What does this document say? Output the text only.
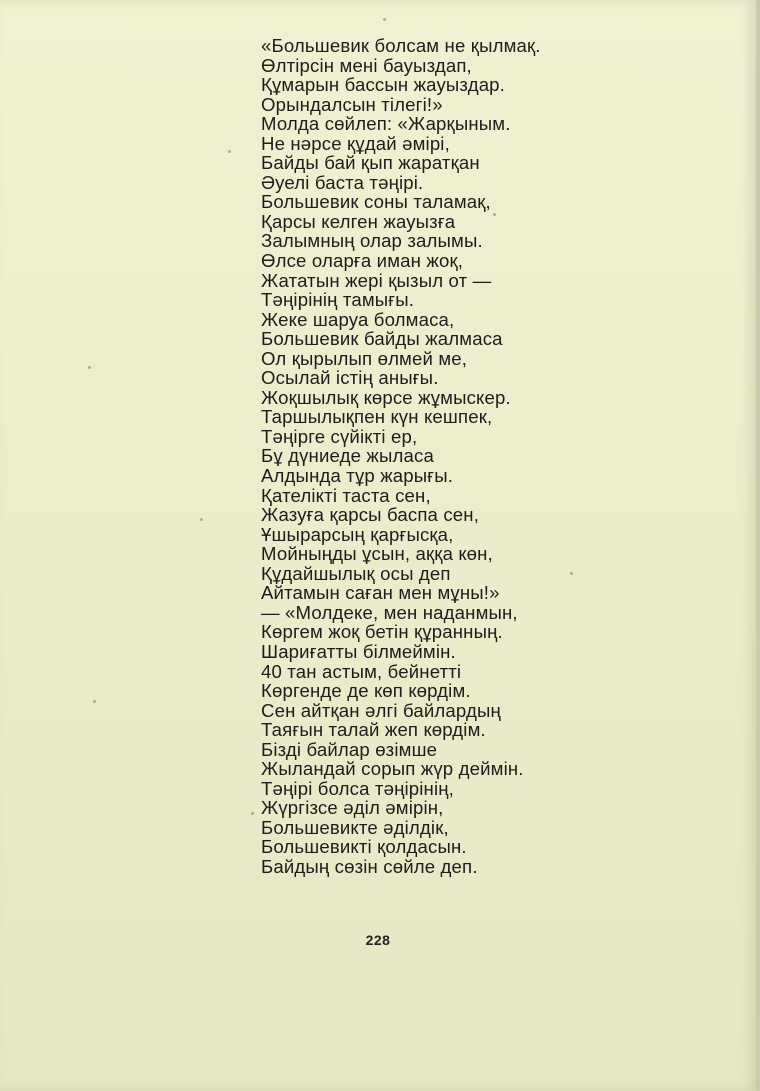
«Большевик болсам не қылмақ.
Өлтірсін мені бауыздап,
Құмарын бассын жауыздар.
Орындалсын тілегі!»
Молда сөйлеп: «Жарқыным.
Не нәрсе құдай әмірі,
Байды бай қып жаратқан
Әуелі баста тәңірі.
Большевик соны таламақ,
Қарсы келген жауызға
Залымның олар залымы.
Өлсе оларға иман жоқ,
Жататын жері қызыл от —
Тәңірінің тамығы.
Жеке шаруа болмаса,
Большевик байды жалмаса
Ол қырылып өлмей ме,
Осылай істің анығы.
Жоқшылық көрсе жұмыскер.
Таршылықпен күн кешпек,
Тәңірге сүйікті ер,
Бұ дүниеде жыласа
Алдында тұр жарығы.
Қателікті таста сен,
Жазуға қарсы баспа сен,
Ұшырарсың қарғысқа,
Мойныңды ұсын, аққа көн,
Құдайшылық осы деп
Айтамын саған мен мұны!»
— «Молдеке, мен наданмын,
Көргем жоқ бетін құранның.
Шариғатты білмеймін.
40 тан астым, бейнетті
Көргенде де көп көрдім.
Сен айтқан әлгі байлардың
Таяғын талай жеп көрдім.
Бізді байлар өзімше
Жыландай сорып жүр деймін.
Тәңірі болса тәңірінің,
Жүргізсе әділ әмірін,
Большевикте әділдік,
Большевикті қолдасын.
Байдың сөзін сөйле деп.
228
